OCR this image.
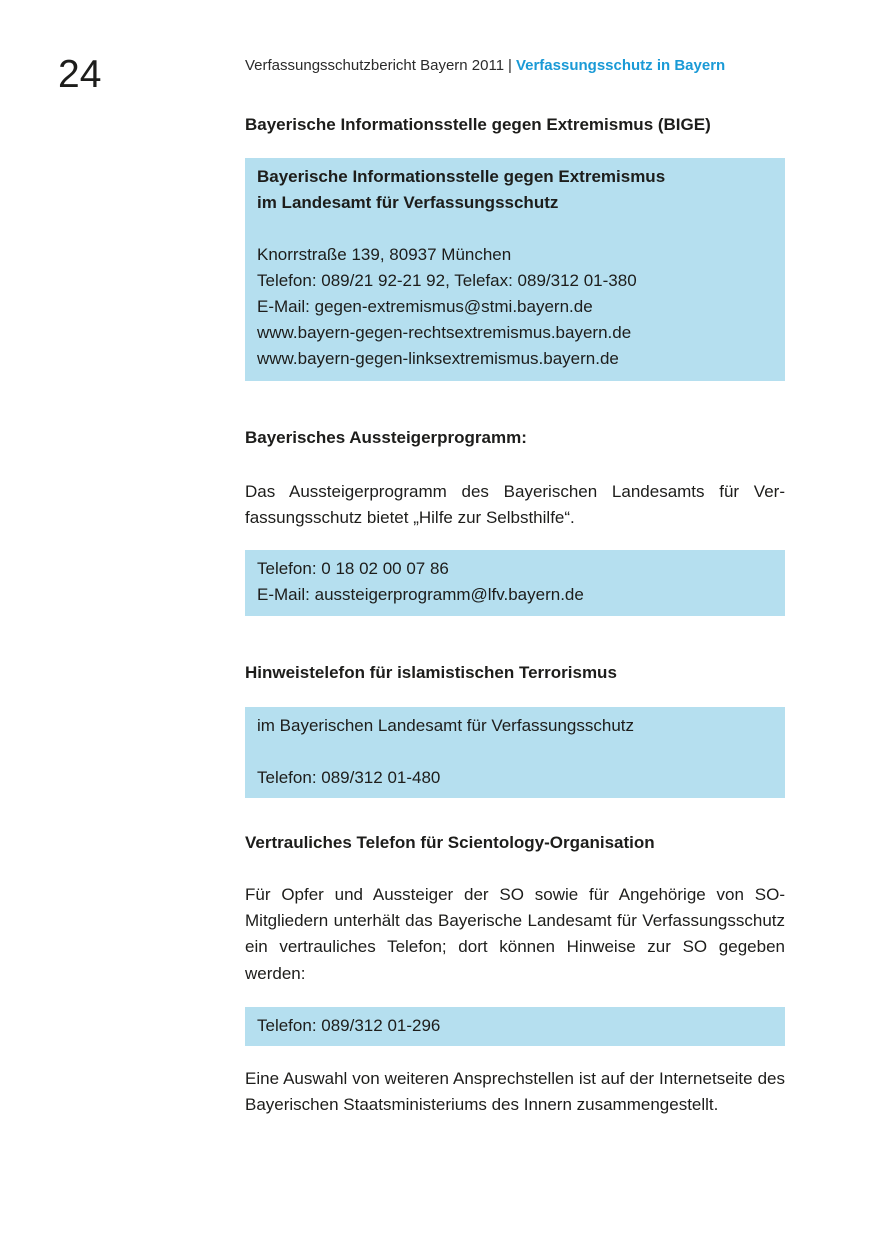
24	Verfassungsschutzbericht Bayern 2011 | Verfassungsschutz in Bayern
Bayerische Informationsstelle gegen Extremismus (BIGE)
Bayerische Informationsstelle gegen Extremismus
im Landesamt für Verfassungsschutz
Knorrstraße 139, 80937 München
Telefon: 089/21 92-21 92, Telefax: 089/312 01-380
E-Mail: gegen-extremismus@stmi.bayern.de
www.bayern-gegen-rechtsextremismus.bayern.de
www.bayern-gegen-linksextremismus.bayern.de
Bayerisches Aussteigerprogramm:

Das Aussteigerprogramm des Bayerischen Landesamts für Verfassungsschutz bietet „Hilfe zur Selbsthilfe“.

Telefon: 0 18 02 00 07 86
E-Mail: aussteigerprogramm@lfv.bayern.de
Hinweistelefon für islamistischen Terrorismus
im Bayerischen Landesamt für Verfassungsschutz
Telefon: 089/312 01-480
Vertrauliches Telefon für Scientology-Organisation

Für Opfer und Aussteiger der SO sowie für Angehörige von SO-Mitgliedern unterhält das Bayerische Landesamt für Verfassungsschutz ein vertrauliches Telefon; dort können Hinweise zur SO gegeben werden:

Telefon: 089/312 01-296

Eine Auswahl von weiteren Ansprechstellen ist auf der Internetseite des Bayerischen Staatsministeriums des Innern zusammengestellt.
